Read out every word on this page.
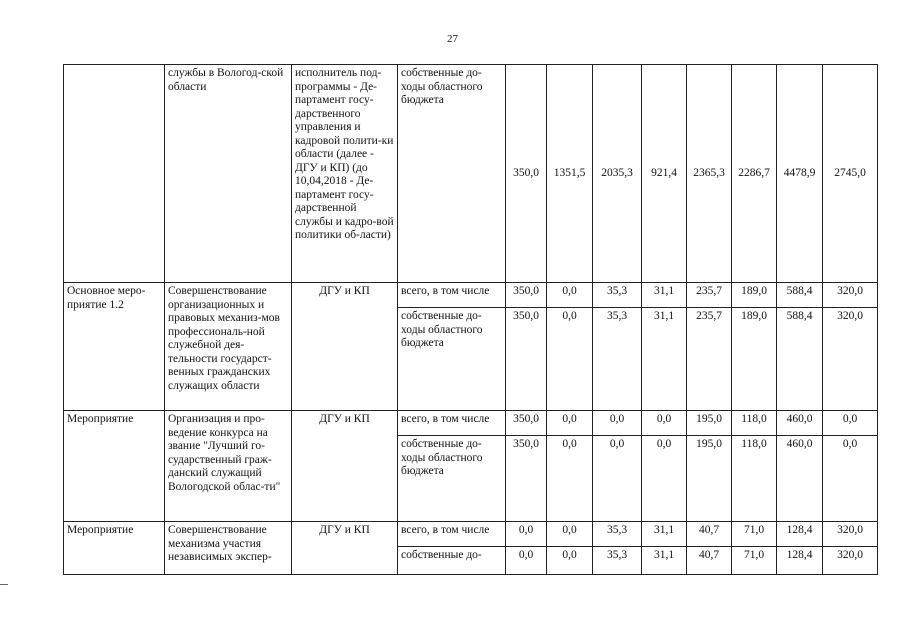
27
	службы в Вологод-ской области	исполнитель под-программы - Де-партамент госу-дарственного управления и кадровой полити-ки области (далее - ДГУ и КП) (до 10,04,2018 - Де-партамент госу-дарственной службы и кадро-вой политики об-ласти)	собственные до-ходы областного бюджета	350,0	1351,5	2035,3	921,4	2365,3	2286,7	4478,9	2745,0
Основное меро-приятие 1.2	Совершенствование организационных и правовых механиз-мов профессиональ-ной служебной дея-тельности государст-венных гражданских служащих области	ДГУ и КП	всего, в том числе	350,0	0,0	35,3	31,1	235,7	189,0	588,4	320,0
			собственные до-ходы областного бюджета	350,0	0,0	35,3	31,1	235,7	189,0	588,4	320,0
Мероприятие	Организация и про-ведение конкурса на звание "Лучший го-сударственный граж-данский служащий Вологодской облас-ти"	ДГУ и КП	всего, в том числе	350,0	0,0	0,0	0,0	195,0	118,0	460,0	0,0
			собственные до-ходы областного бюджета	350,0	0,0	0,0	0,0	195,0	118,0	460,0	0,0
Мероприятие	Совершенствование механизма участия независимых экспер-	ДГУ и КП	всего, в том числе	0,0	0,0	35,3	31,1	40,7	71,0	128,4	320,0
			собственные до-	0,0	0,0	35,3	31,1	40,7	71,0	128,4	320,0
